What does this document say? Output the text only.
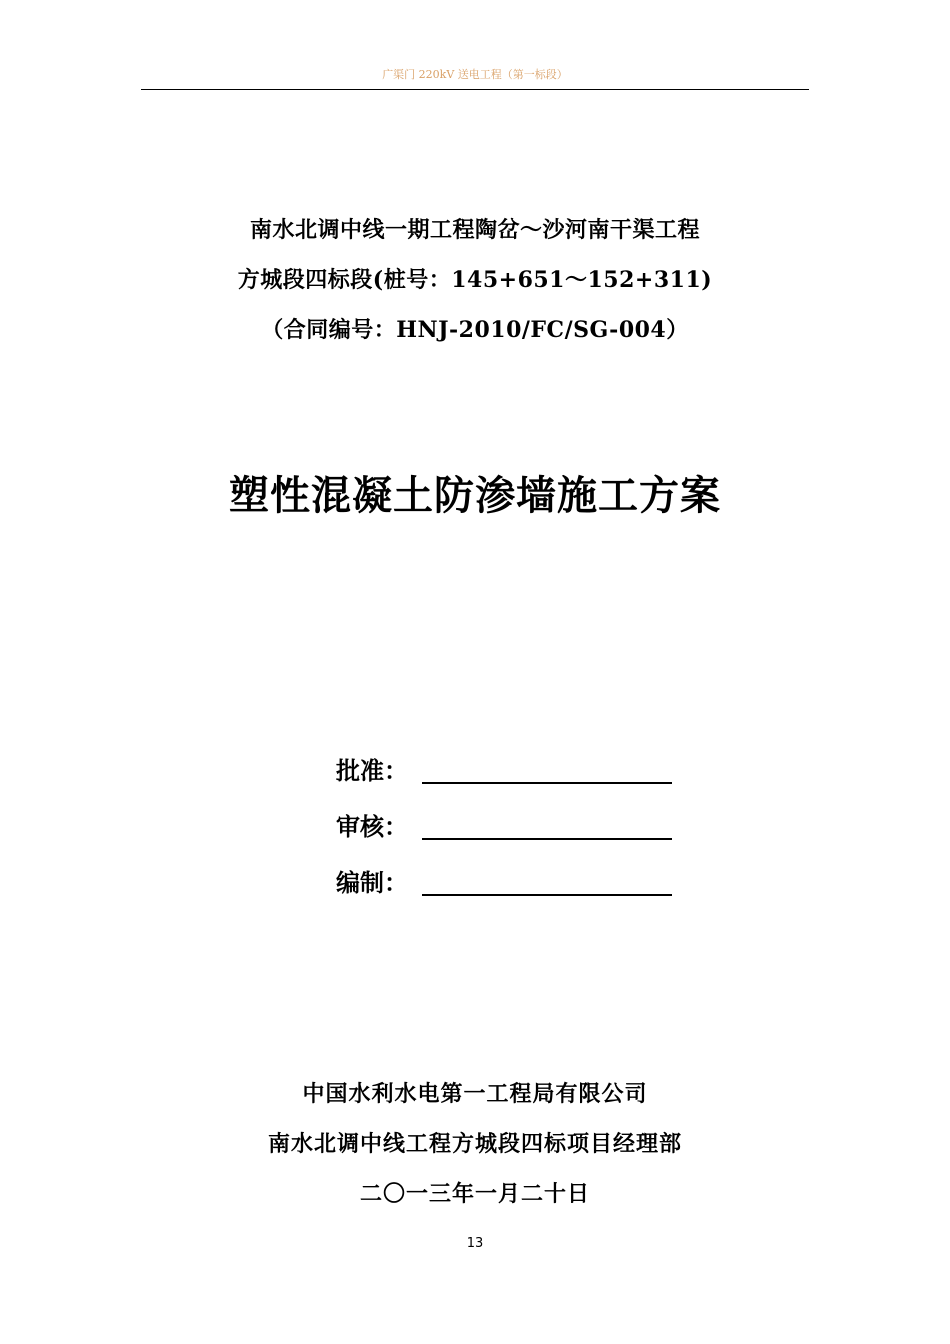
广渠门 220kV 送电工程（第一标段）
南水北调中线一期工程陶岔～沙河南干渠工程
方城段四标段(桩号：145+651～152+311)
（合同编号：HNJ-2010/FC/SG-004）
塑性混凝土防渗墙施工方案
批准：
审核：
编制：
中国水利水电第一工程局有限公司
南水北调中线工程方城段四标项目经理部
二〇一三年一月二十日
13
